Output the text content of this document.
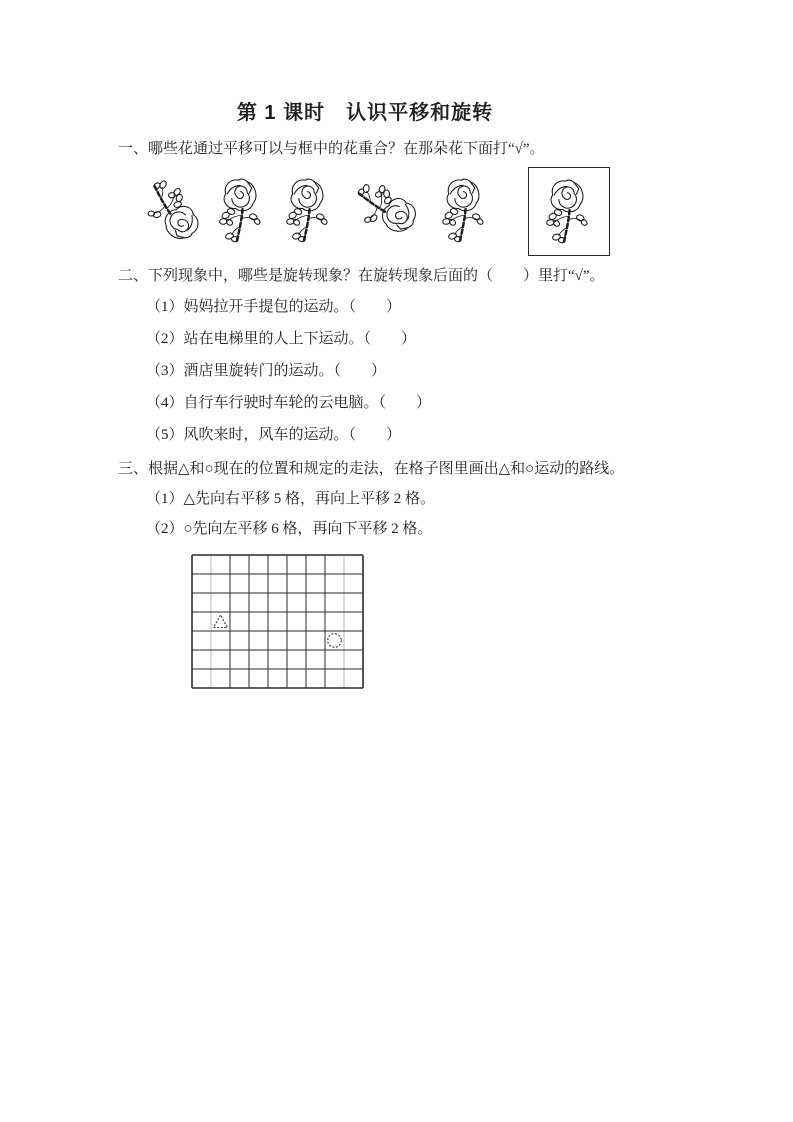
第 1 课时　认识平移和旋转
一、哪些花通过平移可以与框中的花重合？在那朵花下面打“√”。
二、下列现象中，哪些是旋转现象？在旋转现象后面的（　　）里打“√”。
（1）妈妈拉开手提包的运动。（　　）
（2）站在电梯里的人上下运动。（　　）
（3）酒店里旋转门的运动。（　　）
（4）自行车行驶时车轮的云电脑。（　　）
（5）风吹来时，风车的运动。（　　）
三、根据△和○现在的位置和规定的走法，在格子图里画出△和○运动的路线。
（1）△先向右平移 5 格，再向上平移 2 格。
（2）○先向左平移 6 格，再向下平移 2 格。
